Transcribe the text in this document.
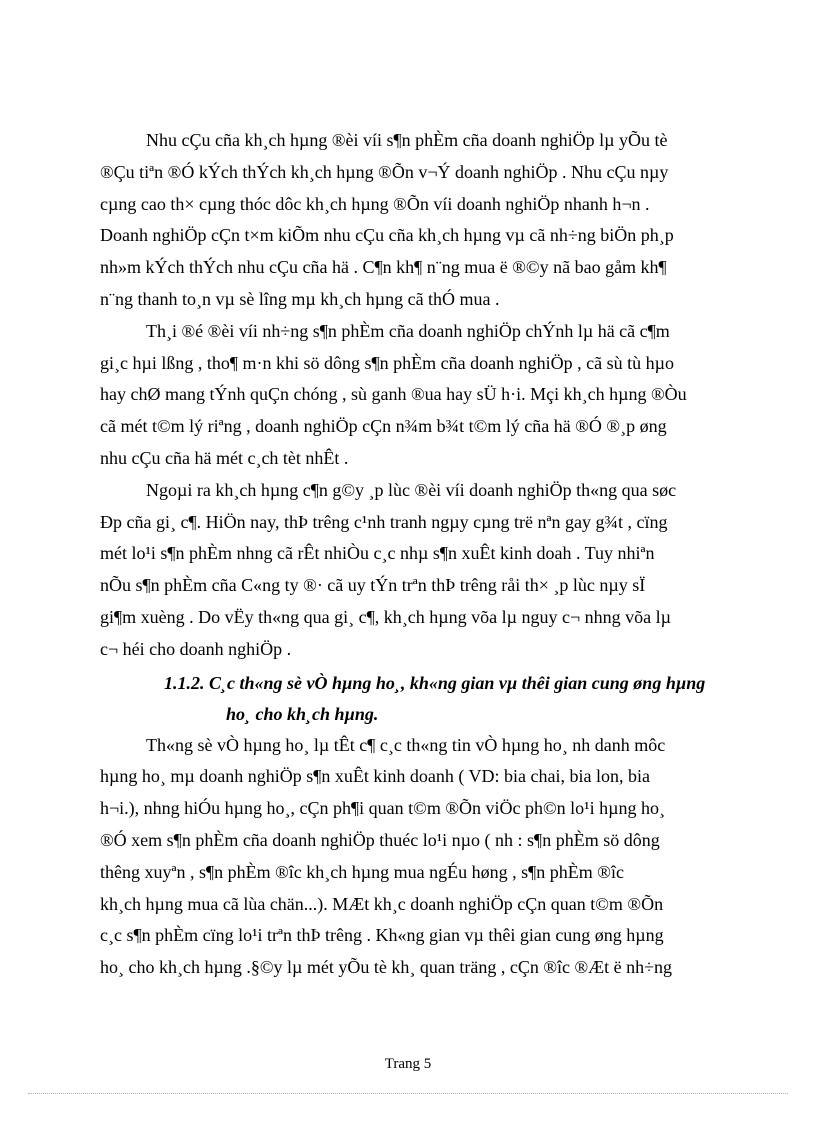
Nhu cÇu cña kh¸ch hµng ®èi víi s¶n phÈm cña doanh nghiÖp lµ yÕu tè
®Çu tiªn ®Ó kÝch thÝch kh¸ch hµng ®Õn v¬Ý doanh nghiÖp . Nhu cÇu nµy
cµng cao th× cµng thóc dôc kh¸ch hµng ®Õn víi doanh nghiÖp nhanh h¬n .
Doanh nghiÖp cÇn t×m kiÕm nhu cÇu cña kh¸ch hµng vµ cã nh÷ng biÖn ph¸p
nh»m kÝch thÝch nhu cÇu cña hä . C¶n kh¶ n¨ng mua ë ®©y nã bao gåm kh¶
n¨ng thanh to¸n vµ sè lîng mµ kh¸ch hµng cã thÓ mua .

Th¸i ®é ®èi víi nh÷ng s¶n phÈm cña doanh nghiÖp chÝnh lµ hä cã c¶m
gi¸c hµi lßng , tho¶ m·n khi sö dông s¶n phÈm cña doanh nghiÖp , cã sù tù hµo
hay chØ mang tÝnh quÇn chóng , sù ganh ®ua hay sÜ h·i. Mçi kh¸ch hµng ®Òu
cã mét t©m lý riªng , doanh nghiÖp cÇn n¾m b¾t t©m lý cña hä ®Ó ®¸p øng
nhu cÇu cña hä mét c¸ch tèt nhÊt .

Ngoµi ra kh¸ch hµng c¶n g©y ¸p lùc ®èi víi doanh nghiÖp th«ng qua søc
Ðp cña gi¸ c¶. HiÖn nay, thÞ trêng c¹nh tranh ngµy cµng trë nªn gay g¾t , cïng
mét lo¹i s¶n phÈm nhng cã rÊt nhiÒu c¸c nhµ s¶n xuÊt kinh doah . Tuy nhiªn
nÕu s¶n phÈm cña C«ng ty ®· cã uy tÝn trªn thÞ trêng råi th× ¸p lùc nµy sÏ
gi¶m xuèng . Do vËy th«ng qua gi¸ c¶, kh¸ch hµng võa lµ nguy c¬ nhng võa lµ
c¬ héi cho doanh nghiÖp .

1.1.2. C¸c th«ng sè vÒ hµng ho¸, kh«ng gian vµ thêi gian cung øng hµng
ho¸ cho kh¸ch hµng.

Th«ng sè vÒ hµng ho¸ lµ tÊt c¶ c¸c th«ng tin vÒ hµng ho¸ nh danh môc
hµng ho¸ mµ doanh nghiÖp s¶n xuÊt kinh doanh ( VD: bia chai, bia lon, bia
h¬i.), nhng hiÓu hµng ho¸, cÇn ph¶i quan t©m ®Õn viÖc ph©n lo¹i hµng ho¸
®Ó xem s¶n phÈm cña doanh nghiÖp thuéc lo¹i nµo ( nh : s¶n phÈm sö dông
thêng xuyªn , s¶n phÈm ®îc kh¸ch hµng mua ngÉu høng , s¶n phÈm ®îc
kh¸ch hµng mua cã lùa chän...). MÆt kh¸c doanh nghiÖp cÇn quan t©m ®Õn
c¸c s¶n phÈm cïng lo¹i trªn thÞ trêng . Kh«ng gian vµ thêi gian cung øng hµng
ho¸ cho kh¸ch hµng .§©y lµ mét yÕu tè kh¸ quan träng , cÇn ®îc ®Æt ë nh÷ng

Trang 5
